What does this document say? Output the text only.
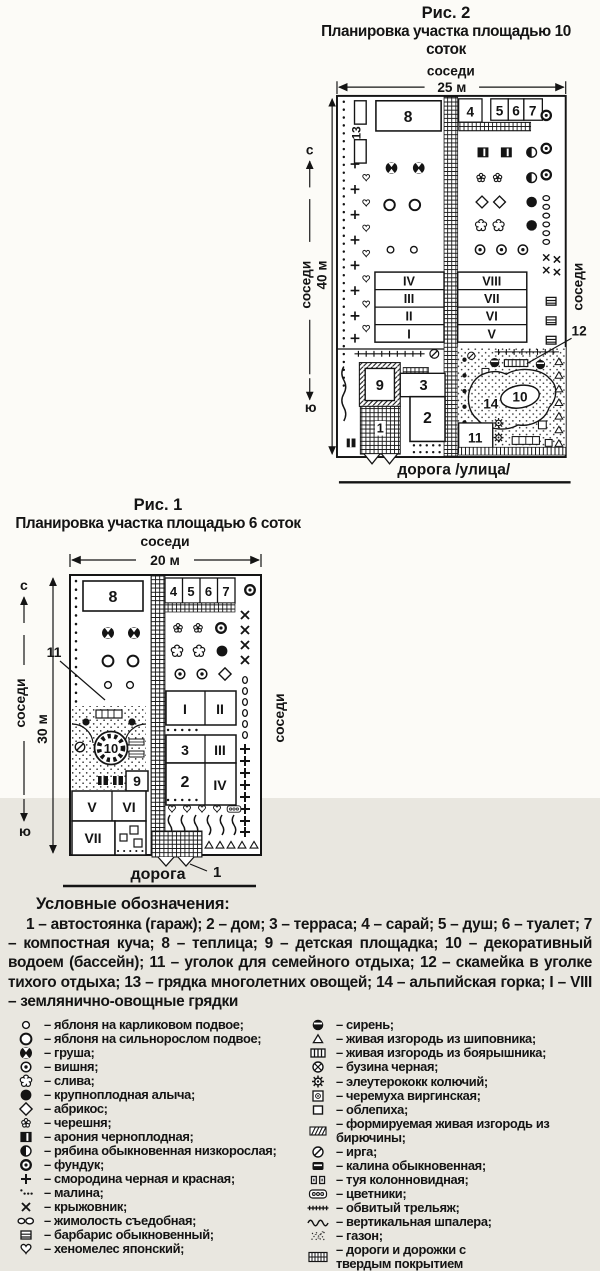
Рис. 2
Планировка участка площадью 10 соток
соседи
25 м
с
соседи
ю
40 м	соседи
13
8	4 5 6 7
IV
III
II
I
VIII
VII
VI
V
9 3
2
1
14 10
11
12
дорога /улица/
Рис. 1
Планировка участка площадью 6 соток
соседи
20 м
с
соседи
ю
30 м	соседи
8	4 5 6 7
10
9
11
I II
3 III
2 IV
V VI
VII
1
дорога
Условные обозначения:

1 – автостоянка (гараж); 2 – дом; 3 – терраса; 4 – сарай; 5 – душ; 6 – туалет; 7 – компостная куча; 8 – теплица; 9 – детская площадка; 10 – декоративный водоем (бассейн); 11 – уголок для семейного отдыха; 12 – скамейка в уголке тихого отдыха; 13 – грядка многолетних овощей; 14 – альпийская горка; I – VIII – землянично-овощные грядки

– яблоня на карликовом подвое;
– яблоня на сильнорослом подвое;
– груша;
– вишня;
– слива;
– крупноплодная алыча;
– абрикос;
– черешня;
– арония черноплодная;
– рябина обыкновенная низкорослая;
– фундук;
– смородина черная и красная;
– малина;
– крыжовник;
– жимолость съедобная;
– барбарис обыкновенный;
– хеномелес японский;
– сирень;
– живая изгородь из шиповника;
– живая изгородь из боярышника;
– бузина черная;
– элеутерококк колючий;
– черемуха виргинская;
– облепиха;
– формируемая живая изгородь из бирючины;
– ирга;
– калина обыкновенная;
– туя колонновидная;
– цветники;
– обвитый трельяж;
– вертикальная шпалера;
– газон;
– дороги и дорожки с твердым покрытием
